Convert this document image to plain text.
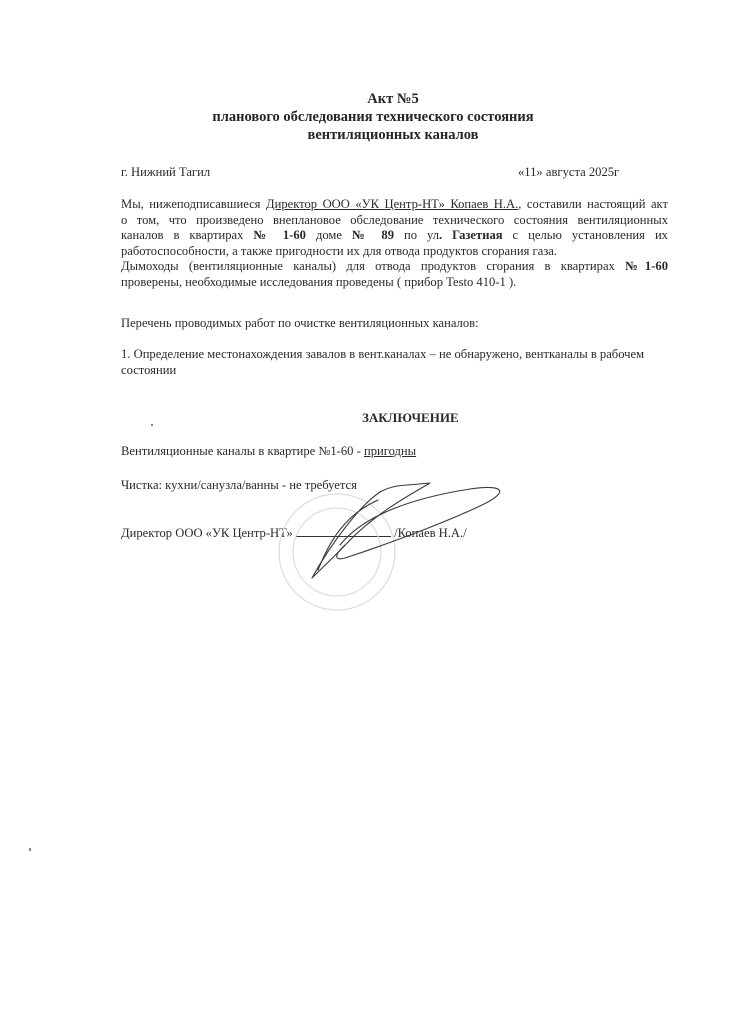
Акт №5
планового обследования технического состояния
вентиляционных каналов
г. Нижний Тагил	«11» августа 2025г
Мы, нижеподписавшиеся Директор ООО «УК Центр-НТ» Копаев Н.А., составили настоящий акт
о том, что произведено внеплановое обследование технического состояния вентиляционных
каналов в квартирах № 1-60 доме № 89 по ул. Газетная с целью установления их
работоспособности, а также пригодности их для отвода продуктов сгорания газа.
Дымоходы (вентиляционные каналы) для отвода продуктов сгорания в квартирах №1-60
проверены, необходимые исследования проведены ( прибор Testo 410-1 ).
Перечень проводимых работ по очистке вентиляционных каналов:
1. Определение местонахождения завалов в вент.каналах – не обнаружено, вентканалы в рабочем
состоянии
ЗАКЛЮЧЕНИЕ
Вентиляционные каналы в квартире №1-60 - пригодны
Чистка: кухни/санузла/ванны - не требуется
Директор ООО «УК Центр-НТ»	/Копаев Н.А./
